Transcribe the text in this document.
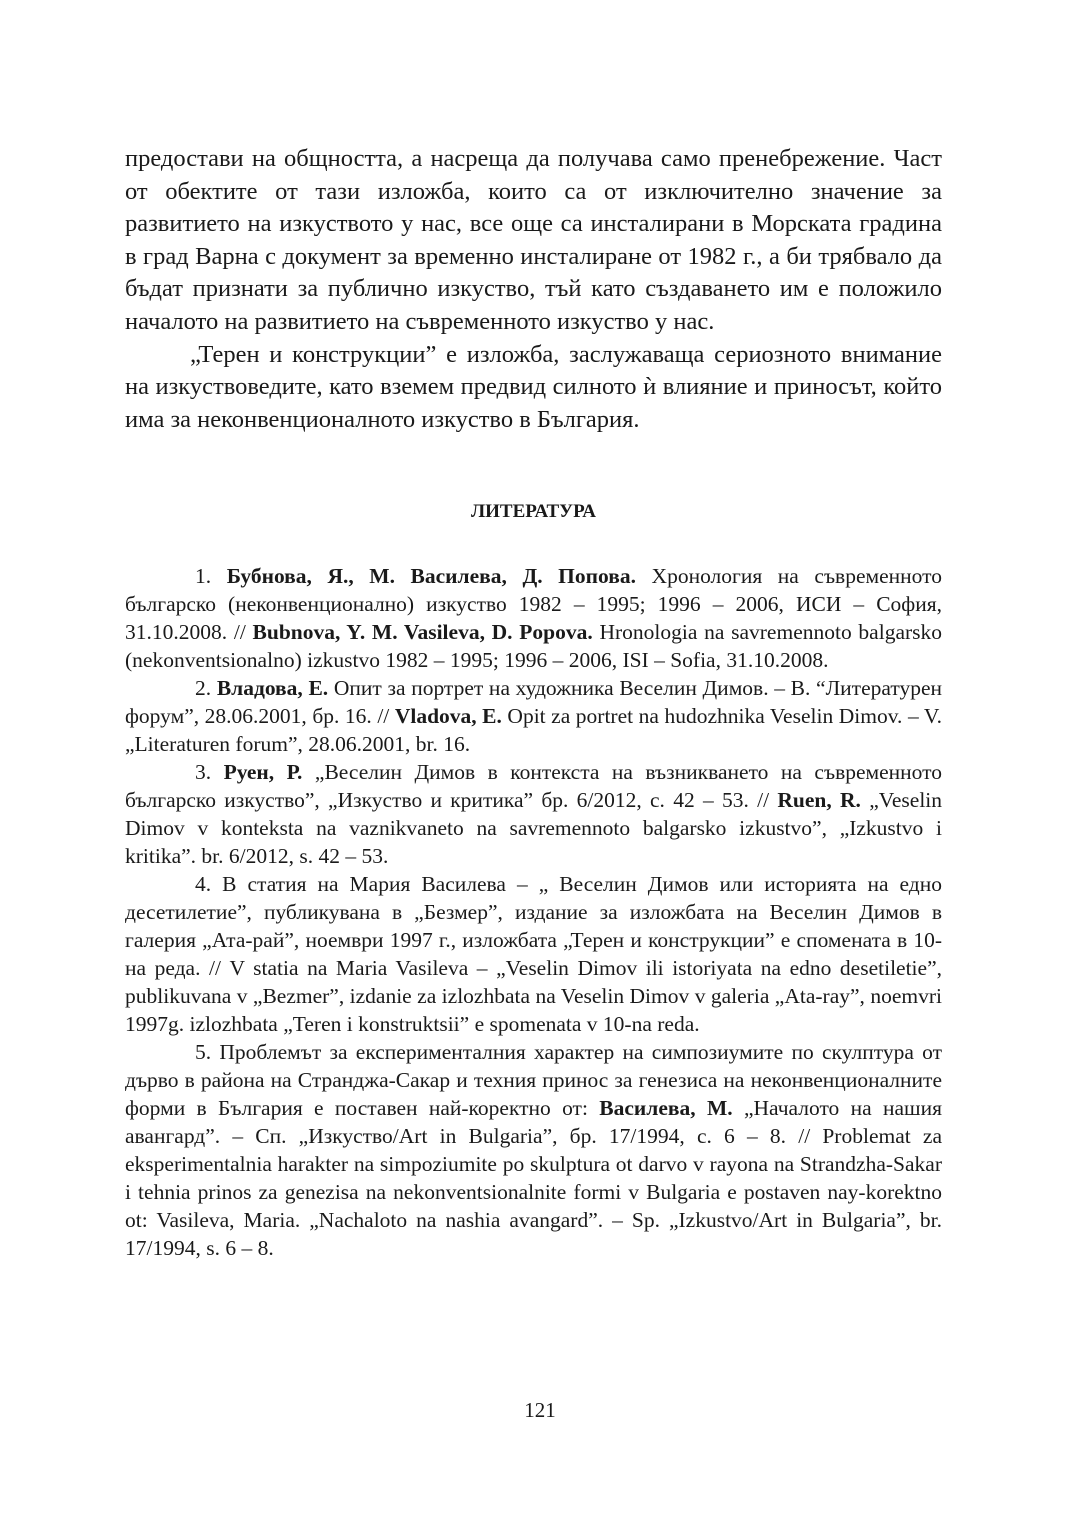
предостави на общността, а насреща да получава само пренебрежение. Част от обектите от тази изложба, които са от изключително значение за развитието на изкуството у нас, все още са инсталирани в Морската градина в град Варна с документ за временно инсталиране от 1982 г., а би трябвало да бъдат признати за публично изкуство, тъй като създаването им е положило началото на развитието на съвременното изкуство у нас.

„Терен и конструкции” е изложба, заслужаваща сериозното внимание на изкуствоведите, като вземем предвид силното ѝ влияние и приносът, който има за неконвенционалното изкуство в България.

ЛИТЕРАТУРА

1. Бубнова, Я., М. Василева, Д. Попова. Хронология на съвременното българско (неконвенционално) изкуство 1982 – 1995; 1996 – 2006, ИСИ – София, 31.10.2008. // Bubnova, Y. M. Vasileva, D. Popova. Hronologia na savremennoto balgarsko (nekonventsionalno) izkustvo 1982 – 1995; 1996 – 2006, ISI – Sofia, 31.10.2008.

2. Владова, Е. Опит за портрет на художника Веселин Димов. – В. “Литературен форум”, 28.06.2001, бр. 16. // Vladova, E. Opit za portret na hudozhnika Veselin Dimov. – V. „Literaturen forum”, 28.06.2001, br. 16.

3. Руен, Р. „Веселин Димов в контекста на възникването на съвременното българско изкуство”, „Изкуство и критика” бр. 6/2012, с. 42 – 53. // Ruen, R. „Veselin Dimov v konteksta na vaznikvaneto na savremennoto balgarsko izkustvo”, „Izkustvo i kritika”. br. 6/2012, s. 42 – 53.

4. В статия на Мария Василева – „ Веселин Димов или историята на едно десетилетие”, публикувана в „Безмер”, издание за изложбата на Веселин Димов в галерия „Ата-рай”, ноември 1997 г., изложбата „Терен и конструкции” е спомената в 10-на реда. // V statia na Maria Vasileva – „Veselin Dimov ili istoriyata na edno desetiletie”, publikuvana v „Bezmer”, izdanie za izlozhbata na Veselin Dimov v galeria „Ata-ray”, noemvri 1997g. izlozhbata „Teren i konstruktsii” e spomenata v 10-na reda.

5. Проблемът за експерименталния характер на симпозиумите по скулптура от дърво в района на Странджа-Сакар и техния принос за генезиса на неконвенционалните форми в България е поставен най-коректно от: Василева, М. „Началото на нашия авангард”. – Сп. „Изкуство/Art in Bulgaria”, бр. 17/1994, с. 6 – 8. // Problemat za eksperimentalnia harakter na simpoziumite po skulptura ot darvo v rayona na Strandzha-Sakar i tehnia prinos za genezisa na nekonventsionalnite formi v Bulgaria e postaven nay-korektno ot: Vasileva, Maria. „Nachaloto na nashia avangard”. – Sp. „Izkustvo/Art in Bulgaria”, br. 17/1994, s. 6 – 8.

121
